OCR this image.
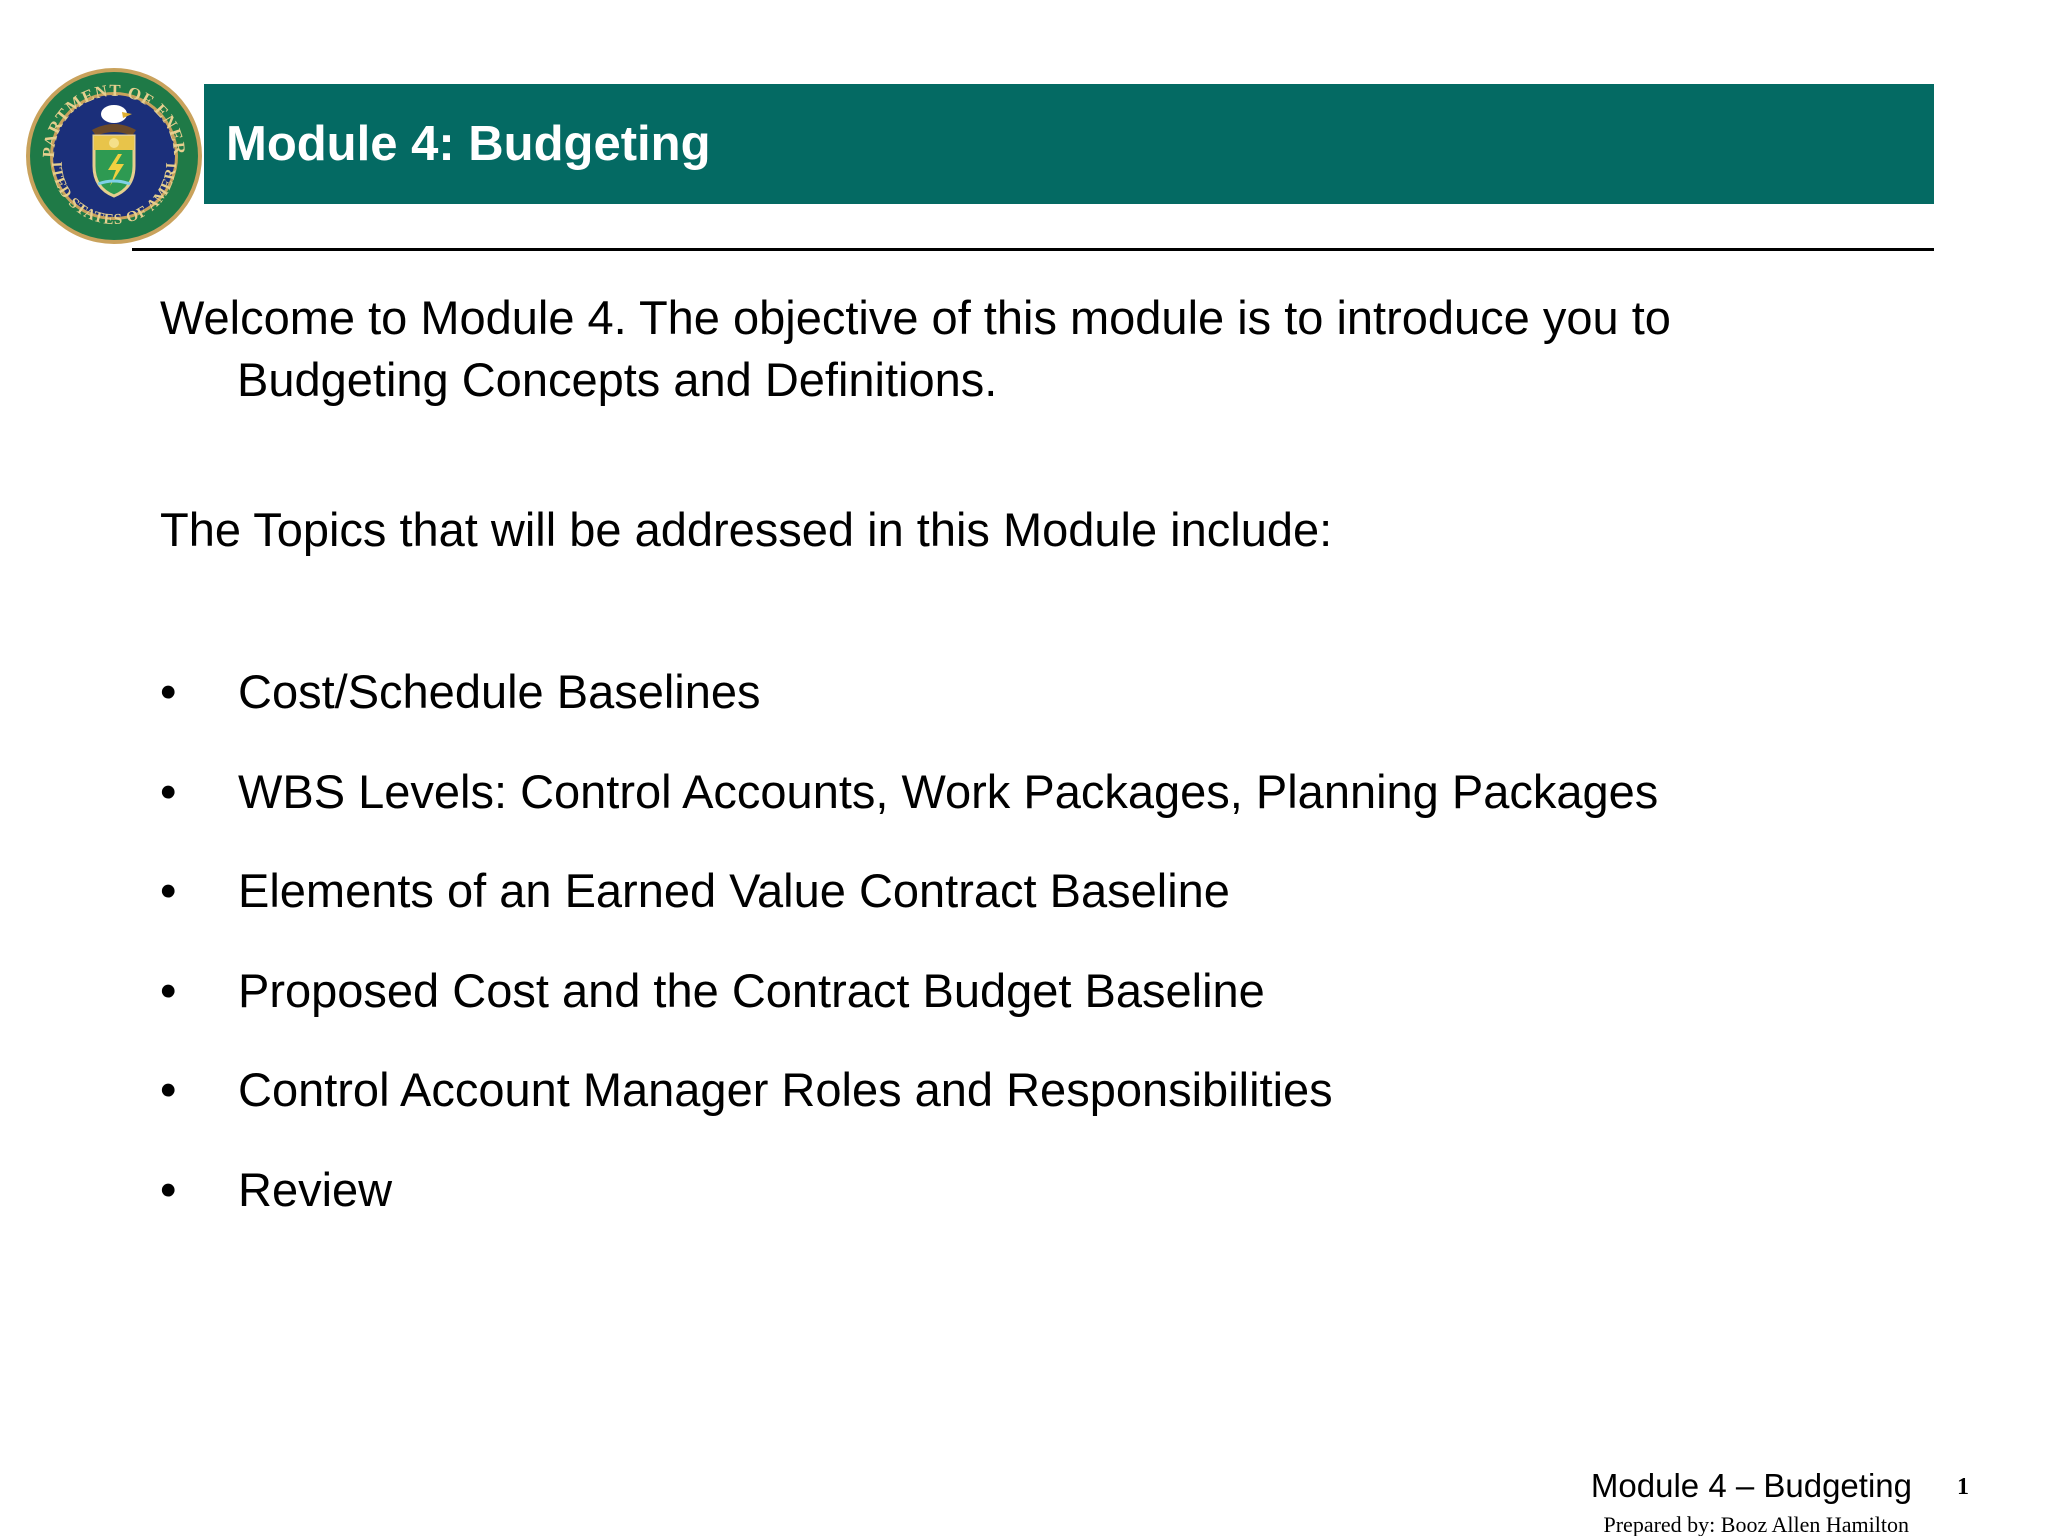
PARTMENT OF ENER
ITED STATES OF AMERI Module 4: Budgeting
Welcome to Module 4. The objective of this module is to introduce you to
Budgeting Concepts and Definitions.
The Topics that will be addressed in this Module include:
•	Cost/Schedule Baselines
•	WBS Levels: Control Accounts, Work Packages, Planning Packages
•	Elements of an Earned Value Contract Baseline
•	Proposed Cost and the Contract Budget Baseline
•	Control Account Manager Roles and Responsibilities
•	Review
Module 4 – Budgeting
Prepared by: Booz Allen Hamilton
1
